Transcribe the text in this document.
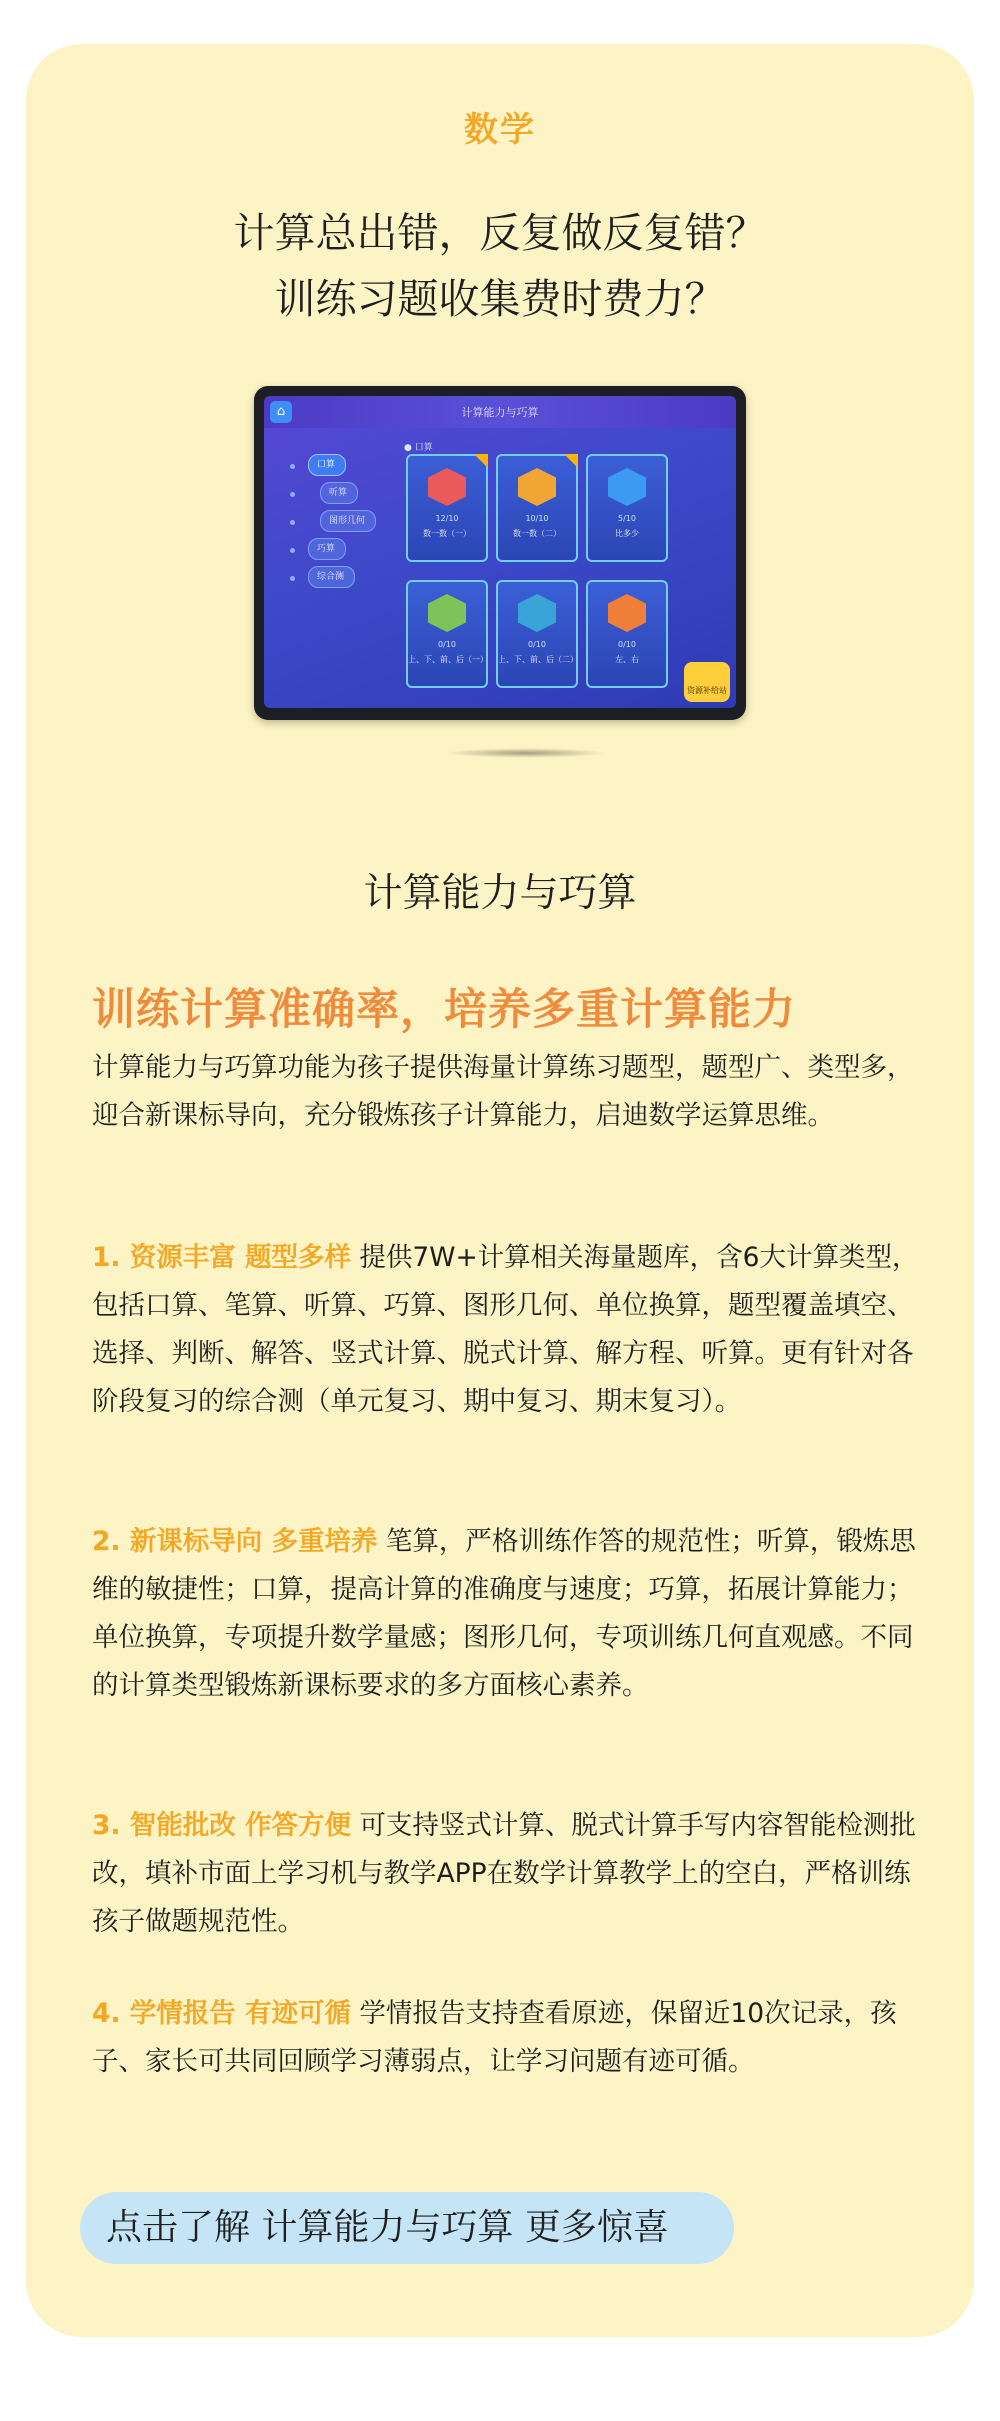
数学
计算总出错，反复做反复错？
训练习题收集费时费力？
⌂	计算能力与巧算
● 口算
口算
听算
图形几何
巧算
综合测
12/10
数一数（一）
10/10
数一数（二）
5/10
比多少
0/10
上、下、前、后（一）
0/10
上、下、前、后（二）
0/10
左、右
资源补给站
计算能力与巧算
训练计算准确率，培养多重计算能力
计算能力与巧算功能为孩子提供海量计算练习题型，题型广、类型多，迎合新课标导向，充分锻炼孩子计算能力，启迪数学运算思维。
1. 资源丰富 题型多样 提供7W+计算相关海量题库，含6大计算类型，包括口算、笔算、听算、巧算、图形几何、单位换算，题型覆盖填空、选择、判断、解答、竖式计算、脱式计算、解方程、听算。更有针对各阶段复习的综合测（单元复习、期中复习、期末复习）。
2. 新课标导向 多重培养 笔算，严格训练作答的规范性；听算，锻炼思维的敏捷性；口算，提高计算的准确度与速度；巧算，拓展计算能力；单位换算，专项提升数学量感；图形几何，专项训练几何直观感。不同的计算类型锻炼新课标要求的多方面核心素养。
3. 智能批改 作答方便 可支持竖式计算、脱式计算手写内容智能检测批改，填补市面上学习机与教学APP在数学计算教学上的空白，严格训练孩子做题规范性。
4. 学情报告 有迹可循 学情报告支持查看原迹，保留近10次记录，孩子、家长可共同回顾学习薄弱点，让学习问题有迹可循。
点击了解 计算能力与巧算 更多惊喜
